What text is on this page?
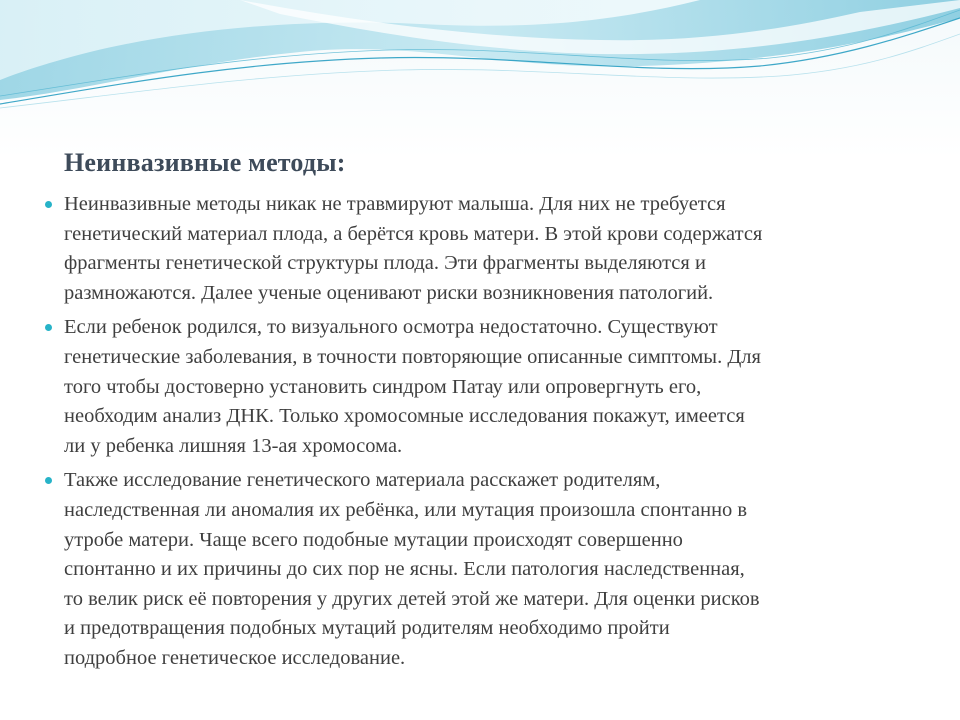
Неинвазивные методы:
Неинвазивные методы никак не травмируют малыша. Для них не требуется
генетический материал плода, а берётся кровь матери. В этой крови содержатся
фрагменты генетической структуры плода. Эти фрагменты выделяются и
размножаются. Далее ученые оценивают риски возникновения патологий.
Если ребенок родился, то визуального осмотра недостаточно. Существуют
генетические заболевания, в точности повторяющие описанные симптомы. Для
того чтобы достоверно установить синдром Патау или опровергнуть его,
необходим анализ ДНК. Только хромосомные исследования покажут, имеется
ли у ребенка лишняя 13-ая хромосома.
Также исследование генетического материала расскажет родителям,
наследственная ли аномалия их ребёнка, или мутация произошла спонтанно в
утробе матери. Чаще всего подобные мутации происходят совершенно
спонтанно и их причины до сих пор не ясны. Если патология наследственная,
то велик риск её повторения у других детей этой же матери. Для оценки рисков
и предотвращения подобных мутаций родителям необходимо пройти
подробное генетическое исследование.
